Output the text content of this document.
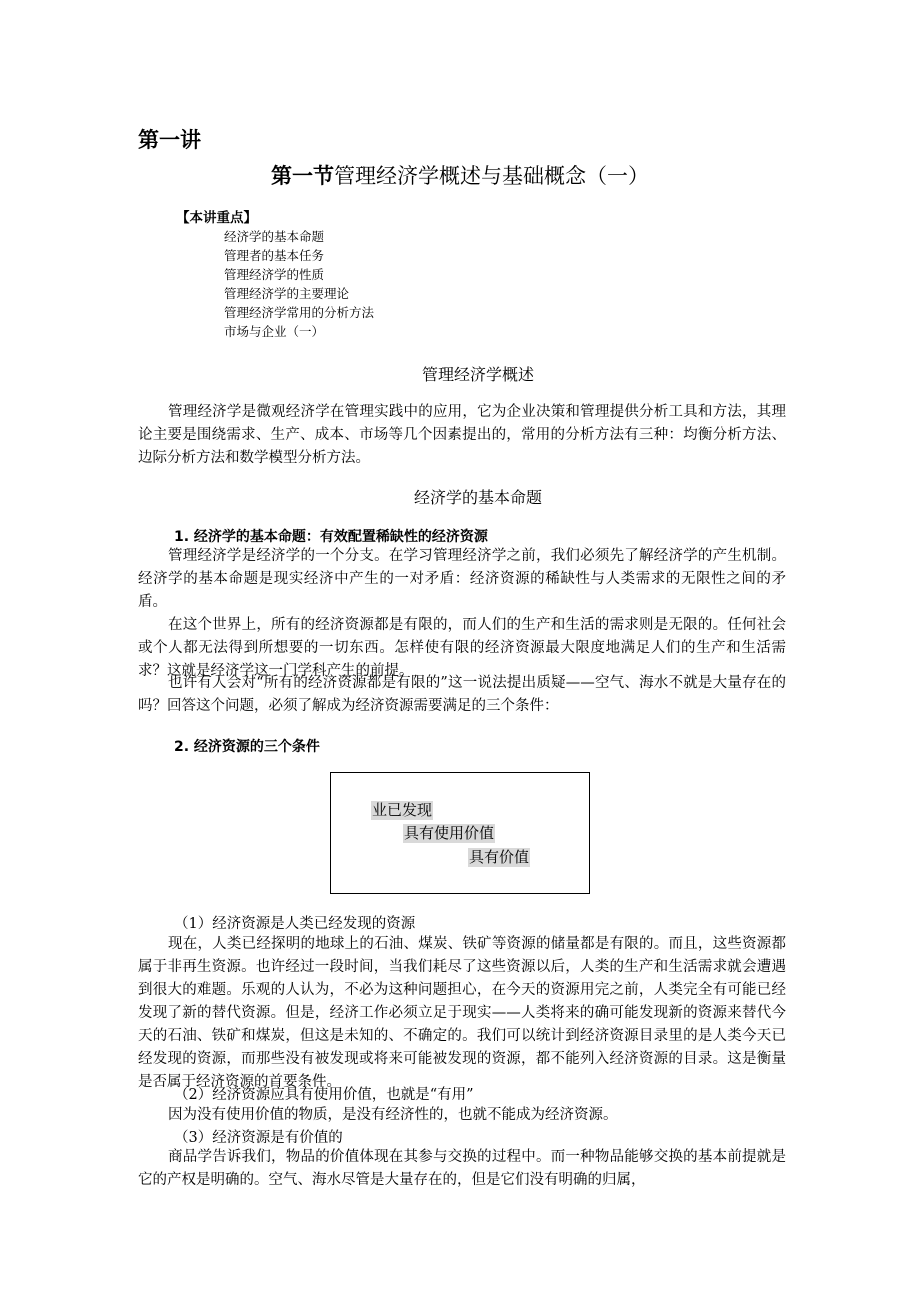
第一讲
第一节管理经济学概述与基础概念（一）
【本讲重点】
经济学的基本命题
管理者的基本任务
管理经济学的性质
管理经济学的主要理论
管理经济学常用的分析方法
市场与企业（一）
管理经济学概述
管理经济学是微观经济学在管理实践中的应用，它为企业决策和管理提供分析工具和方法，其理论主要是围绕需求、生产、成本、市场等几个因素提出的，常用的分析方法有三种：均衡分析方法、边际分析方法和数学模型分析方法。
经济学的基本命题
1. 经济学的基本命题：有效配置稀缺性的经济资源
管理经济学是经济学的一个分支。在学习管理经济学之前，我们必须先了解经济学的产生机制。经济学的基本命题是现实经济中产生的一对矛盾：经济资源的稀缺性与人类需求的无限性之间的矛盾。
在这个世界上，所有的经济资源都是有限的，而人们的生产和生活的需求则是无限的。任何社会或个人都无法得到所想要的一切东西。怎样使有限的经济资源最大限度地满足人们的生产和生活需求？这就是经济学这一门学科产生的前提。
也许有人会对“所有的经济资源都是有限的”这一说法提出质疑——空气、海水不就是大量存在的吗？回答这个问题，必须了解成为经济资源需要满足的三个条件：
2. 经济资源的三个条件
业已发现
具有使用价值
具有价值
（1）经济资源是人类已经发现的资源
现在，人类已经探明的地球上的石油、煤炭、铁矿等资源的储量都是有限的。而且，这些资源都属于非再生资源。也许经过一段时间，当我们耗尽了这些资源以后，人类的生产和生活需求就会遭遇到很大的难题。乐观的人认为，不必为这种问题担心，在今天的资源用完之前，人类完全有可能已经发现了新的替代资源。但是，经济工作必须立足于现实——人类将来的确可能发现新的资源来替代今天的石油、铁矿和煤炭，但这是未知的、不确定的。我们可以统计到经济资源目录里的是人类今天已经发现的资源，而那些没有被发现或将来可能被发现的资源，都不能列入经济资源的目录。这是衡量是否属于经济资源的首要条件。
（2）经济资源应具有使用价值，也就是“有用”
因为没有使用价值的物质，是没有经济性的，也就不能成为经济资源。
（3）经济资源是有价值的
商品学告诉我们，物品的价值体现在其参与交换的过程中。而一种物品能够交换的基本前提就是它的产权是明确的。空气、海水尽管是大量存在的，但是它们没有明确的归属，
